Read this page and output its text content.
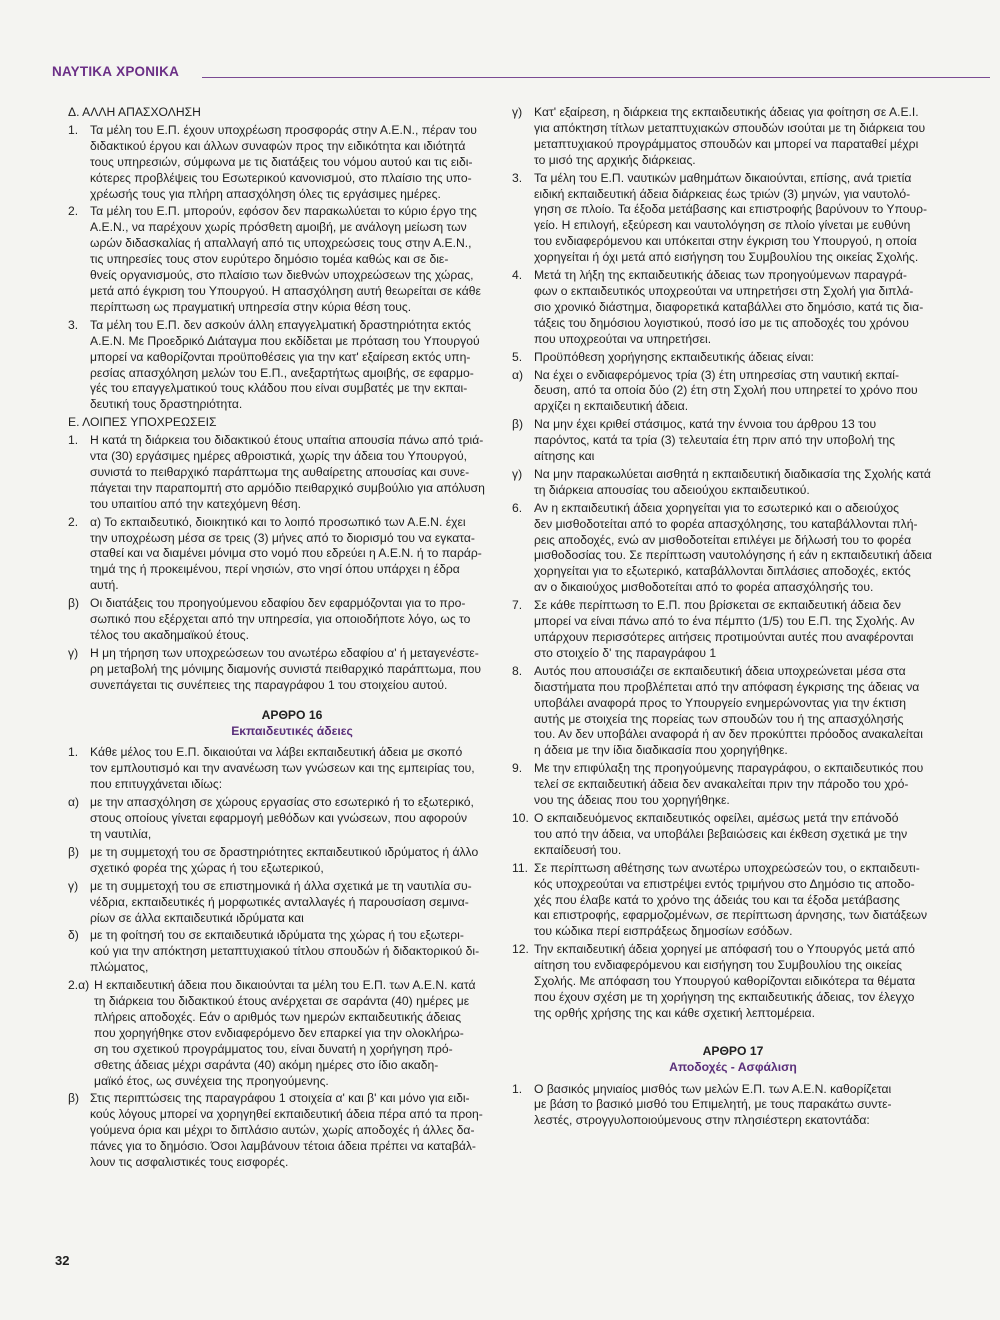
ΝΑΥΤΙΚΑ ΧΡΟΝΙΚΑ
Δ. ΑΛΛΗ ΑΠΑΣΧΟΛΗΣΗ
1. Τα μέλη του Ε.Π. έχουν υποχρέωση προσφοράς στην Α.Ε.Ν., πέραν του
διδακτικού έργου και άλλων συναφών προς την ειδικότητα και ιδιότητά
τους υπηρεσιών, σύμφωνα με τις διατάξεις του νόμου αυτού και τις ειδι-
κότερες προβλέψεις του Εσωτερικού κανονισμού, στο πλαίσιο της υπο-
χρέωσής τους για πλήρη απασχόληση όλες τις εργάσιμες ημέρες.
2. Τα μέλη του Ε.Π. μπορούν, εφόσον δεν παρακωλύεται το κύριο έργο της
Α.Ε.Ν., να παρέχουν χωρίς πρόσθετη αμοιβή, με ανάλογη μείωση των
ωρών διδασκαλίας ή απαλλαγή από τις υποχρεώσεις τους στην Α.Ε.Ν.,
τις υπηρεσίες τους στον ευρύτερο δημόσιο τομέα καθώς και σε διε-
θνείς οργανισμούς, στο πλαίσιο των διεθνών υποχρεώσεων της χώρας,
μετά από έγκριση του Υπουργού. Η απασχόληση αυτή θεωρείται σε κάθε
περίπτωση ως πραγματική υπηρεσία στην κύρια θέση τους.
3. Τα μέλη του Ε.Π. δεν ασκούν άλλη επαγγελματική δραστηριότητα εκτός
Α.Ε.Ν. Με Προεδρικό Διάταγμα που εκδίδεται με πρόταση του Υπουργού
μπορεί να καθορίζονται προϋποθέσεις για την κατ' εξαίρεση εκτός υπη-
ρεσίας απασχόληση μελών του Ε.Π., ανεξαρτήτως αμοιβής, σε εφαρμο-
γές του επαγγελματικού τους κλάδου που είναι συμβατές με την εκπαι-
δευτική τους δραστηριότητα.
Ε. ΛΟΙΠΕΣ ΥΠΟΧΡΕΩΣΕΙΣ
1. Η κατά τη διάρκεια του διδακτικού έτους υπαίτια απουσία πάνω από τριά-
ντα (30) εργάσιμες ημέρες αθροιστικά, χωρίς την άδεια του Υπουργού,
συνιστά το πειθαρχικό παράπτωμα της αυθαίρετης απουσίας και συνε-
πάγεται την παραπομπή στο αρμόδιο πειθαρχικό συμβούλιο για απόλυση
του υπαιτίου από την κατεχόμενη θέση.
2. α) Το εκπαιδευτικό, διοικητικό και το λοιπό προσωπικό των Α.Ε.Ν. έχει
την υποχρέωση μέσα σε τρεις (3) μήνες από το διορισμό του να εγκατα-
σταθεί και να διαμένει μόνιμα στο νομό που εδρεύει η Α.Ε.Ν. ή το παράρ-
τημά της ή προκειμένου, περί νησιών, στο νησί όπου υπάρχει η έδρα
αυτή.
β) Οι διατάξεις του προηγούμενου εδαφίου δεν εφαρμόζονται για το προ-
σωπικό που εξέρχεται από την υπηρεσία, για οποιοδήποτε λόγο, ως το
τέλος του ακαδημαϊκού έτους.
γ) Η μη τήρηση των υποχρεώσεων του ανωτέρω εδαφίου α' ή μεταγενέστε-
ρη μεταβολή της μόνιμης διαμονής συνιστά πειθαρχικό παράπτωμα, που
συνεπάγεται τις συνέπειες της παραγράφου 1 του στοιχείου αυτού.
ΑΡΘΡΟ 16
Εκπαιδευτικές άδειες
1. Κάθε μέλος του Ε.Π. δικαιούται να λάβει εκπαιδευτική άδεια με σκοπό
τον εμπλουτισμό και την ανανέωση των γνώσεων και της εμπειρίας του,
που επιτυγχάνεται ιδίως:
α) με την απασχόληση σε χώρους εργασίας στο εσωτερικό ή το εξωτερικό,
στους οποίους γίνεται εφαρμογή μεθόδων και γνώσεων, που αφορούν
τη ναυτιλία,
β) με τη συμμετοχή του σε δραστηριότητες εκπαιδευτικού ιδρύματος ή άλλο
σχετικό φορέα της χώρας ή του εξωτερικού,
γ) με τη συμμετοχή του σε επιστημονικά ή άλλα σχετικά με τη ναυτιλία συ-
νέδρια, εκπαιδευτικές ή μορφωτικές ανταλλαγές ή παρουσίαση σεμινα-
ρίων σε άλλα εκπαιδευτικά ιδρύματα και
δ) με τη φοίτησή του σε εκπαιδευτικά ιδρύματα της χώρας ή του εξωτερι-
κού για την απόκτηση μεταπτυχιακού τίτλου σπουδών ή διδακτορικού δι-
πλώματος,
2.α) Η εκπαιδευτική άδεια που δικαιούνται τα μέλη του Ε.Π. των Α.Ε.Ν. κατά
τη διάρκεια του διδακτικού έτους ανέρχεται σε σαράντα (40) ημέρες με
πλήρεις αποδοχές. Εάν ο αριθμός των ημερών εκπαιδευτικής άδειας
που χορηγήθηκε στον ενδιαφερόμενο δεν επαρκεί για την ολοκλήρω-
ση του σχετικού προγράμματος του, είναι δυνατή η χορήγηση πρό-
σθετης άδειας μέχρι σαράντα (40) ακόμη ημέρες στο ίδιο ακαδη-
μαϊκό έτος, ως συνέχεια της προηγούμενης.
β) Στις περιπτώσεις της παραγράφου 1 στοιχεία α' και β' και μόνο για ειδι-
κούς λόγους μπορεί να χορηγηθεί εκπαιδευτική άδεια πέρα από τα προη-
γούμενα όρια και μέχρι το διπλάσιο αυτών, χωρίς αποδοχές ή άλλες δα-
πάνες για το δημόσιο. Όσοι λαμβάνουν τέτοια άδεια πρέπει να καταβάλ-
λουν τις ασφαλιστικές τους εισφορές.
γ) Κατ' εξαίρεση, η διάρκεια της εκπαιδευτικής άδειας για φοίτηση σε Α.Ε.Ι.
για απόκτηση τίτλων μεταπτυχιακών σπουδών ισούται με τη διάρκεια του
μεταπτυχιακού προγράμματος σπουδών και μπορεί να παραταθεί μέχρι
το μισό της αρχικής διάρκειας.
3. Τα μέλη του Ε.Π. ναυτικών μαθημάτων δικαιούνται, επίσης, ανά τριετία
ειδική εκπαιδευτική άδεια διάρκειας έως τριών (3) μηνών, για ναυτολό-
γηση σε πλοίο. Τα έξοδα μετάβασης και επιστροφής βαρύνουν το Υπουρ-
γείο. Η επιλογή, εξεύρεση και ναυτολόγηση σε πλοίο γίνεται με ευθύνη
του ενδιαφερόμενου και υπόκειται στην έγκριση του Υπουργού, η οποία
χορηγείται ή όχι μετά από εισήγηση του Συμβουλίου της οικείας Σχολής.
4. Μετά τη λήξη της εκπαιδευτικής άδειας των προηγούμενων παραγρά-
φων ο εκπαιδευτικός υποχρεούται να υπηρετήσει στη Σχολή για διπλά-
σιο χρονικό διάστημα, διαφορετικά καταβάλλει στο δημόσιο, κατά τις δια-
τάξεις του δημόσιου λογιστικού, ποσό ίσο με τις αποδοχές του χρόνου
που υποχρεούται να υπηρετήσει.
5. Προϋπόθεση χορήγησης εκπαιδευτικής άδειας είναι:
α) Να έχει ο ενδιαφερόμενος τρία (3) έτη υπηρεσίας στη ναυτική εκπαί-
δευση, από τα οποία δύο (2) έτη στη Σχολή που υπηρετεί το χρόνο που
αρχίζει η εκπαιδευτική άδεια.
β) Να μην έχει κριθεί στάσιμος, κατά την έννοια του άρθρου 13 του
παρόντος, κατά τα τρία (3) τελευταία έτη πριν από την υποβολή της
αίτησης και
γ) Να μην παρακωλύεται αισθητά η εκπαιδευτική διαδικασία της Σχολής κατά
τη διάρκεια απουσίας του αδειούχου εκπαιδευτικού.
6. Αν η εκπαιδευτική άδεια χορηγείται για το εσωτερικό και ο αδειούχος
δεν μισθοδοτείται από το φορέα απασχόλησης, του καταβάλλονται πλή-
ρεις αποδοχές, ενώ αν μισθοδοτείται επιλέγει με δήλωσή του το φορέα
μισθοδοσίας του. Σε περίπτωση ναυτολόγησης ή εάν η εκπαιδευτική άδεια
χορηγείται για το εξωτερικό, καταβάλλονται διπλάσιες αποδοχές, εκτός
αν ο δικαιούχος μισθοδοτείται από το φορέα απασχόλησής του.
7. Σε κάθε περίπτωση το Ε.Π. που βρίσκεται σε εκπαιδευτική άδεια δεν
μπορεί να είναι πάνω από το ένα πέμπτο (1/5) του Ε.Π. της Σχολής. Αν
υπάρχουν περισσότερες αιτήσεις προτιμούνται αυτές που αναφέρονται
στο στοιχείο δ' της παραγράφου 1
8. Αυτός που απουσιάζει σε εκπαιδευτική άδεια υποχρεώνεται μέσα στα
διαστήματα που προβλέπεται από την απόφαση έγκρισης της άδειας να
υποβάλει αναφορά προς το Υπουργείο ενημερώνοντας για την έκτιση
αυτής με στοιχεία της πορείας των σπουδών του ή της απασχόλησής
του. Αν δεν υποβάλει αναφορά ή αν δεν προκύπτει πρόοδος ανακαλείται
η άδεια με την ίδια διαδικασία που χορηγήθηκε.
9. Με την επιφύλαξη της προηγούμενης παραγράφου, ο εκπαιδευτικός που
τελεί σε εκπαιδευτική άδεια δεν ανακαλείται πριν την πάροδο του χρό-
νου της άδειας που του χορηγήθηκε.
10. Ο εκπαιδευόμενος εκπαιδευτικός οφείλει, αμέσως μετά την επάνοδό
του από την άδεια, να υποβάλει βεβαιώσεις και έκθεση σχετικά με την
εκπαίδευσή του.
11. Σε περίπτωση αθέτησης των ανωτέρω υποχρεώσεών του, ο εκπαιδευτι-
κός υποχρεούται να επιστρέψει εντός τριμήνου στο Δημόσιο τις αποδο-
χές που έλαβε κατά το χρόνο της άδειάς του και τα έξοδα μετάβασης
και επιστροφής, εφαρμοζομένων, σε περίπτωση άρνησης, των διατάξεων
του κώδικα περί εισπράξεως δημοσίων εσόδων.
12. Την εκπαιδευτική άδεια χορηγεί με απόφασή του ο Υπουργός μετά από
αίτηση του ενδιαφερόμενου και εισήγηση του Συμβουλίου της οικείας
Σχολής. Με απόφαση του Υπουργού καθορίζονται ειδικότερα τα θέματα
που έχουν σχέση με τη χορήγηση της εκπαιδευτικής άδειας, τον έλεγχο
της ορθής χρήσης της και κάθε σχετική λεπτομέρεια.
ΑΡΘΡΟ 17
Αποδοχές - Ασφάλιση
1. Ο βασικός μηνιαίος μισθός των μελών Ε.Π. των Α.Ε.Ν. καθορίζεται
με βάση το βασικό μισθό του Επιμελητή, με τους παρακάτω συντε-
λεστές, στρογγυλοποιούμενους στην πλησιέστερη εκατοντάδα:
32
